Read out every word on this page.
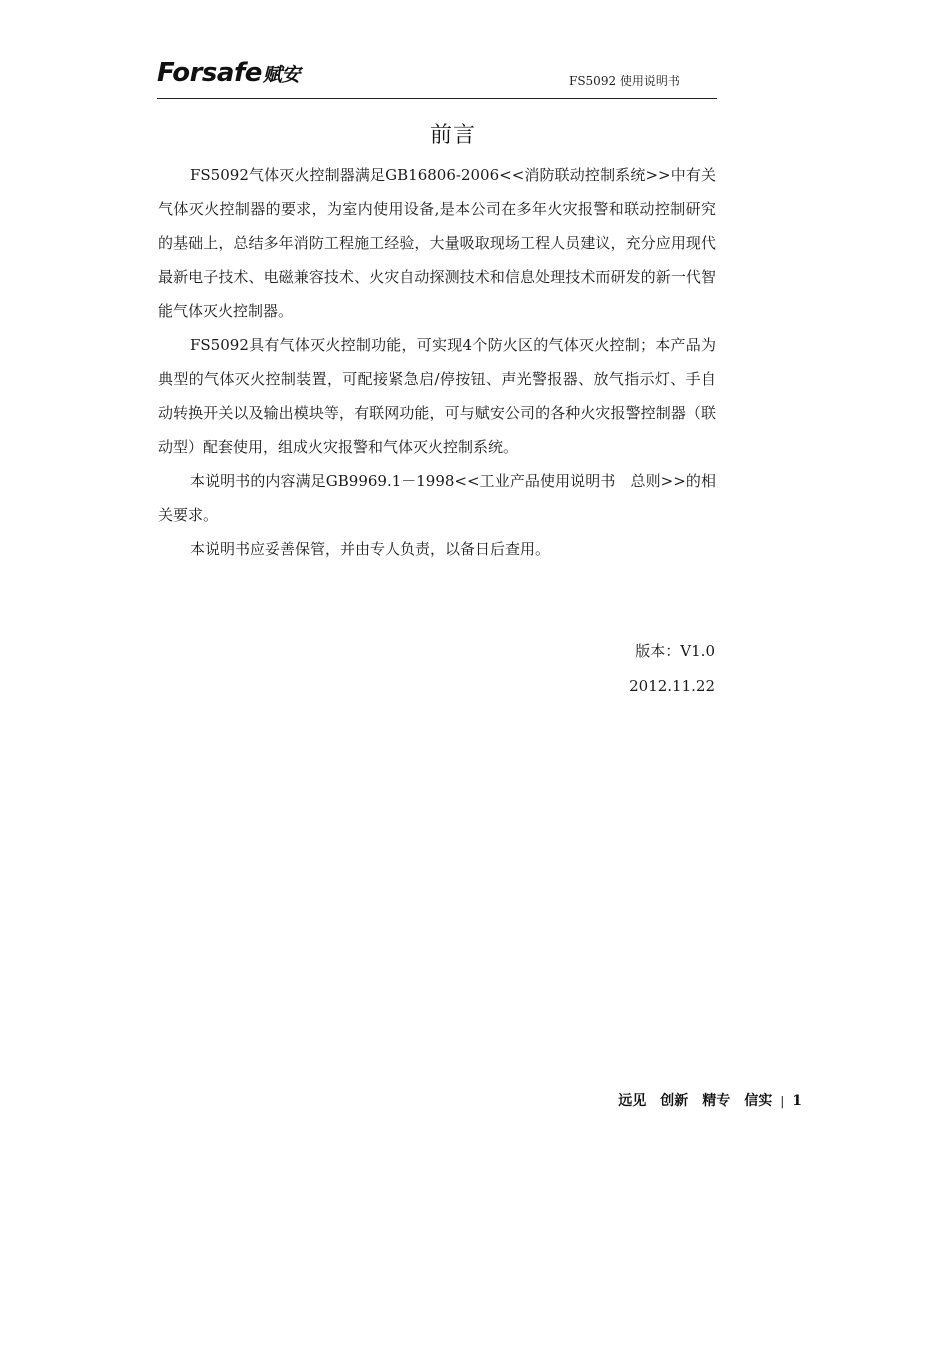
Forsafe赋安	FS5092 使用说明书
前言

FS5092气体灭火控制器满足GB16806-2006<<消防联动控制系统>>中有关气体灭火控制器的要求，为室内使用设备,是本公司在多年火灾报警和联动控制研究的基础上，总结多年消防工程施工经验，大量吸取现场工程人员建议，充分应用现代最新电子技术、电磁兼容技术、火灾自动探测技术和信息处理技术而研发的新一代智能气体灭火控制器。

FS5092具有气体灭火控制功能，可实现4个防火区的气体灭火控制；本产品为典型的气体灭火控制装置，可配接紧急启/停按钮、声光警报器、放气指示灯、手自动转换开关以及输出模块等，有联网功能，可与赋安公司的各种火灾报警控制器（联动型）配套使用，组成火灾报警和气体灭火控制系统。

本说明书的内容满足GB9969.1－1998<<工业产品使用说明书　总则>>的相关要求。

本说明书应妥善保管，并由专人负责，以备日后查用。

版本：V1.0
2012.11.22
远见　创新　精专　信实 | 1
